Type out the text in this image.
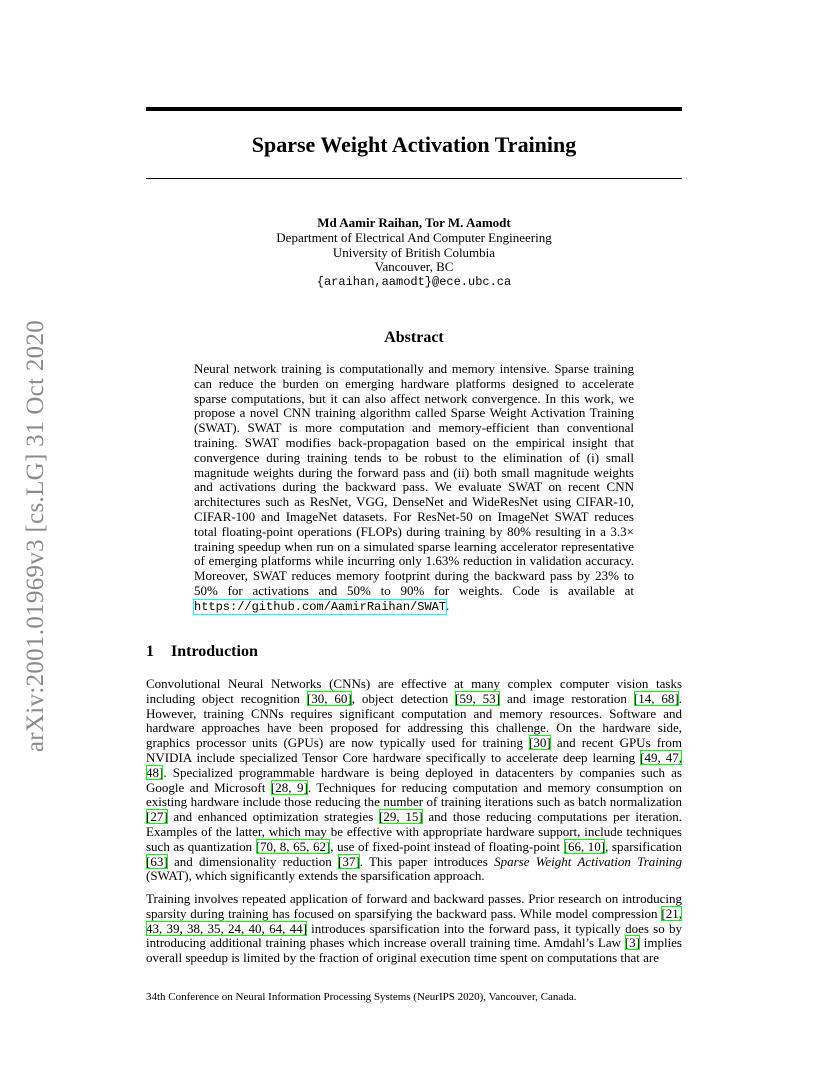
arXiv:2001.01969v3 [cs.LG] 31 Oct 2020
Sparse Weight Activation Training
Md Aamir Raihan, Tor M. Aamodt
Department of Electrical And Computer Engineering
University of British Columbia
Vancouver, BC
{araihan,aamodt}@ece.ubc.ca
Abstract
Neural network training is computationally and memory intensive. Sparse training can reduce the burden on emerging hardware platforms designed to accelerate sparse computations, but it can also affect network convergence. In this work, we propose a novel CNN training algorithm called Sparse Weight Activation Training (SWAT). SWAT is more computation and memory-efficient than conventional training. SWAT modifies back-propagation based on the empirical insight that convergence during training tends to be robust to the elimination of (i) small magnitude weights during the forward pass and (ii) both small magnitude weights and activations during the backward pass. We evaluate SWAT on recent CNN architectures such as ResNet, VGG, DenseNet and WideResNet using CIFAR-10, CIFAR-100 and ImageNet datasets. For ResNet-50 on ImageNet SWAT reduces total floating-point operations (FLOPs) during training by 80% resulting in a 3.3× training speedup when run on a simulated sparse learning accelerator representative of emerging platforms while incurring only 1.63% reduction in validation accuracy. Moreover, SWAT reduces memory footprint during the backward pass by 23% to 50% for activations and 50% to 90% for weights. Code is available at https://github.com/AamirRaihan/SWAT.
1 Introduction
Convolutional Neural Networks (CNNs) are effective at many complex computer vision tasks including object recognition [30, 60], object detection [59, 53] and image restoration [14, 68]. However, training CNNs requires significant computation and memory resources. Software and hardware approaches have been proposed for addressing this challenge. On the hardware side, graphics processor units (GPUs) are now typically used for training [30] and recent GPUs from NVIDIA include specialized Tensor Core hardware specifically to accelerate deep learning [49, 47, 48]. Specialized programmable hardware is being deployed in datacenters by companies such as Google and Microsoft [28, 9]. Techniques for reducing computation and memory consumption on existing hardware include those reducing the number of training iterations such as batch normalization [27] and enhanced optimization strategies [29, 15] and those reducing computations per iteration. Examples of the latter, which may be effective with appropriate hardware support, include techniques such as quantization [70, 8, 65, 62], use of fixed-point instead of floating-point [66, 10], sparsification [63] and dimensionality reduction [37]. This paper introduces Sparse Weight Activation Training (SWAT), which significantly extends the sparsification approach.
Training involves repeated application of forward and backward passes. Prior research on introducing sparsity during training has focused on sparsifying the backward pass. While model compression [21, 43, 39, 38, 35, 24, 40, 64, 44] introduces sparsification into the forward pass, it typically does so by introducing additional training phases which increase overall training time. Amdahl’s Law [3] implies overall speedup is limited by the fraction of original execution time spent on computations that are
34th Conference on Neural Information Processing Systems (NeurIPS 2020), Vancouver, Canada.
